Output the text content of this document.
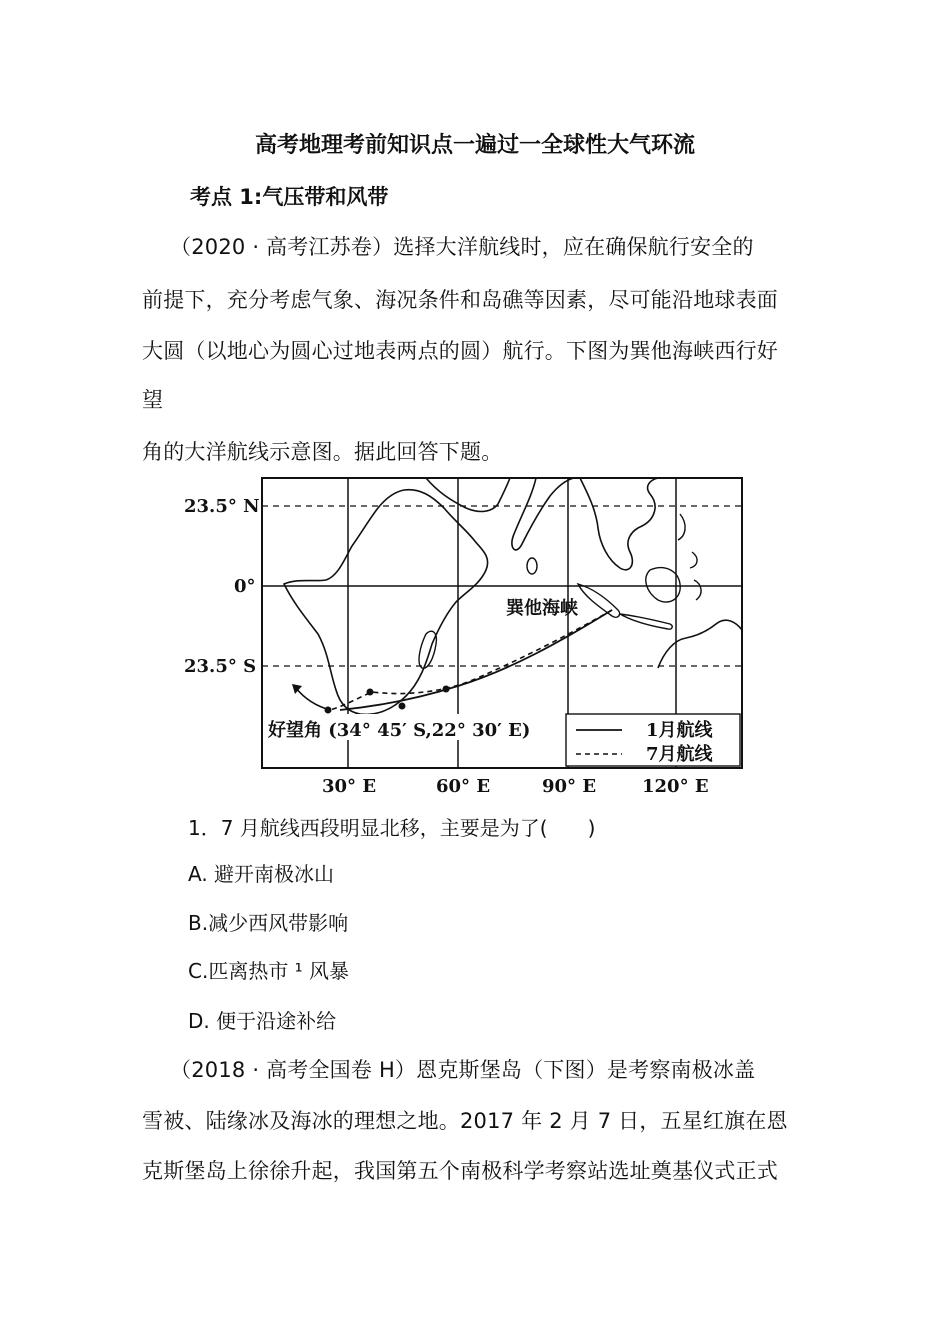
高考地理考前知识点一遍过一全球性大气环流
考点 1:气压带和风带
（2020 · 高考江苏卷）选择大洋航线时，应在确保航行安全的
前提下，充分考虑气象、海况条件和岛礁等因素，尽可能沿地球表面
大圆（以地心为圆心过地表两点的圆）航行。下图为巽他海峡西行好
望
角的大洋航线示意图。据此回答下题。
23.5° N
0°
23.5° S
30° E	60° E	90° E	120° E
巽他海峡
好望角 (34° 45′ S,22° 30′ E)	1月航线
7月航线
1．7 月航线西段明显北移，主要是为了(　　)
A. 避开南极冰山
B.减少西风带影响
C.匹离热市 ¹ 风暴
D. 便于沿途补给
（2018 · 高考全国卷 H）恩克斯堡岛（下图）是考察南极冰盖
雪被、陆缘冰及海冰的理想之地。2017 年 2 月 7 日，五星红旗在恩
克斯堡岛上徐徐升起，我国第五个南极科学考察站选址奠基仪式正式
